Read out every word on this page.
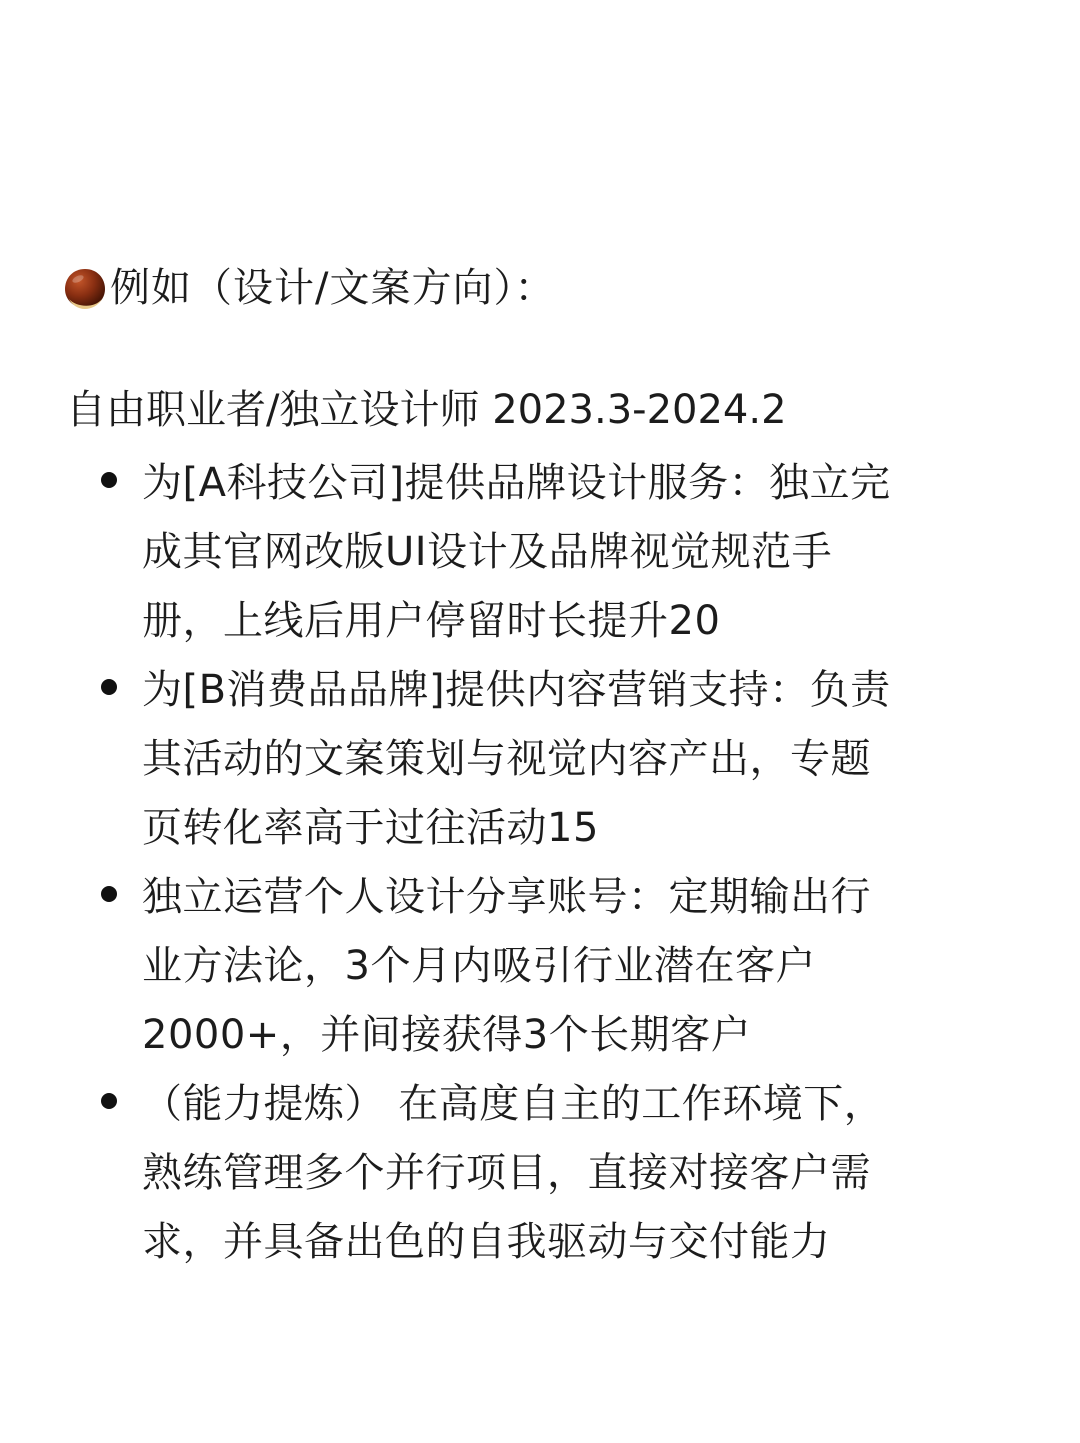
例如（设计/文案方向）：
自由职业者/独立设计师 2023.3-2024.2
为[A科技公司]提供品牌设计服务：独立完
成其官网改版UI设计及品牌视觉规范手
册，上线后用户停留时长提升20
为[B消费品品牌]提供内容营销支持：负责
其活动的文案策划与视觉内容产出，专题
页转化率高于过往活动15
独立运营个人设计分享账号：定期输出行
业方法论，3个月内吸引行业潜在客户
2000+，并间接获得3个长期客户
（能力提炼） 在高度自主的工作环境下，
熟练管理多个并行项目，直接对接客户需
求，并具备出色的自我驱动与交付能力
